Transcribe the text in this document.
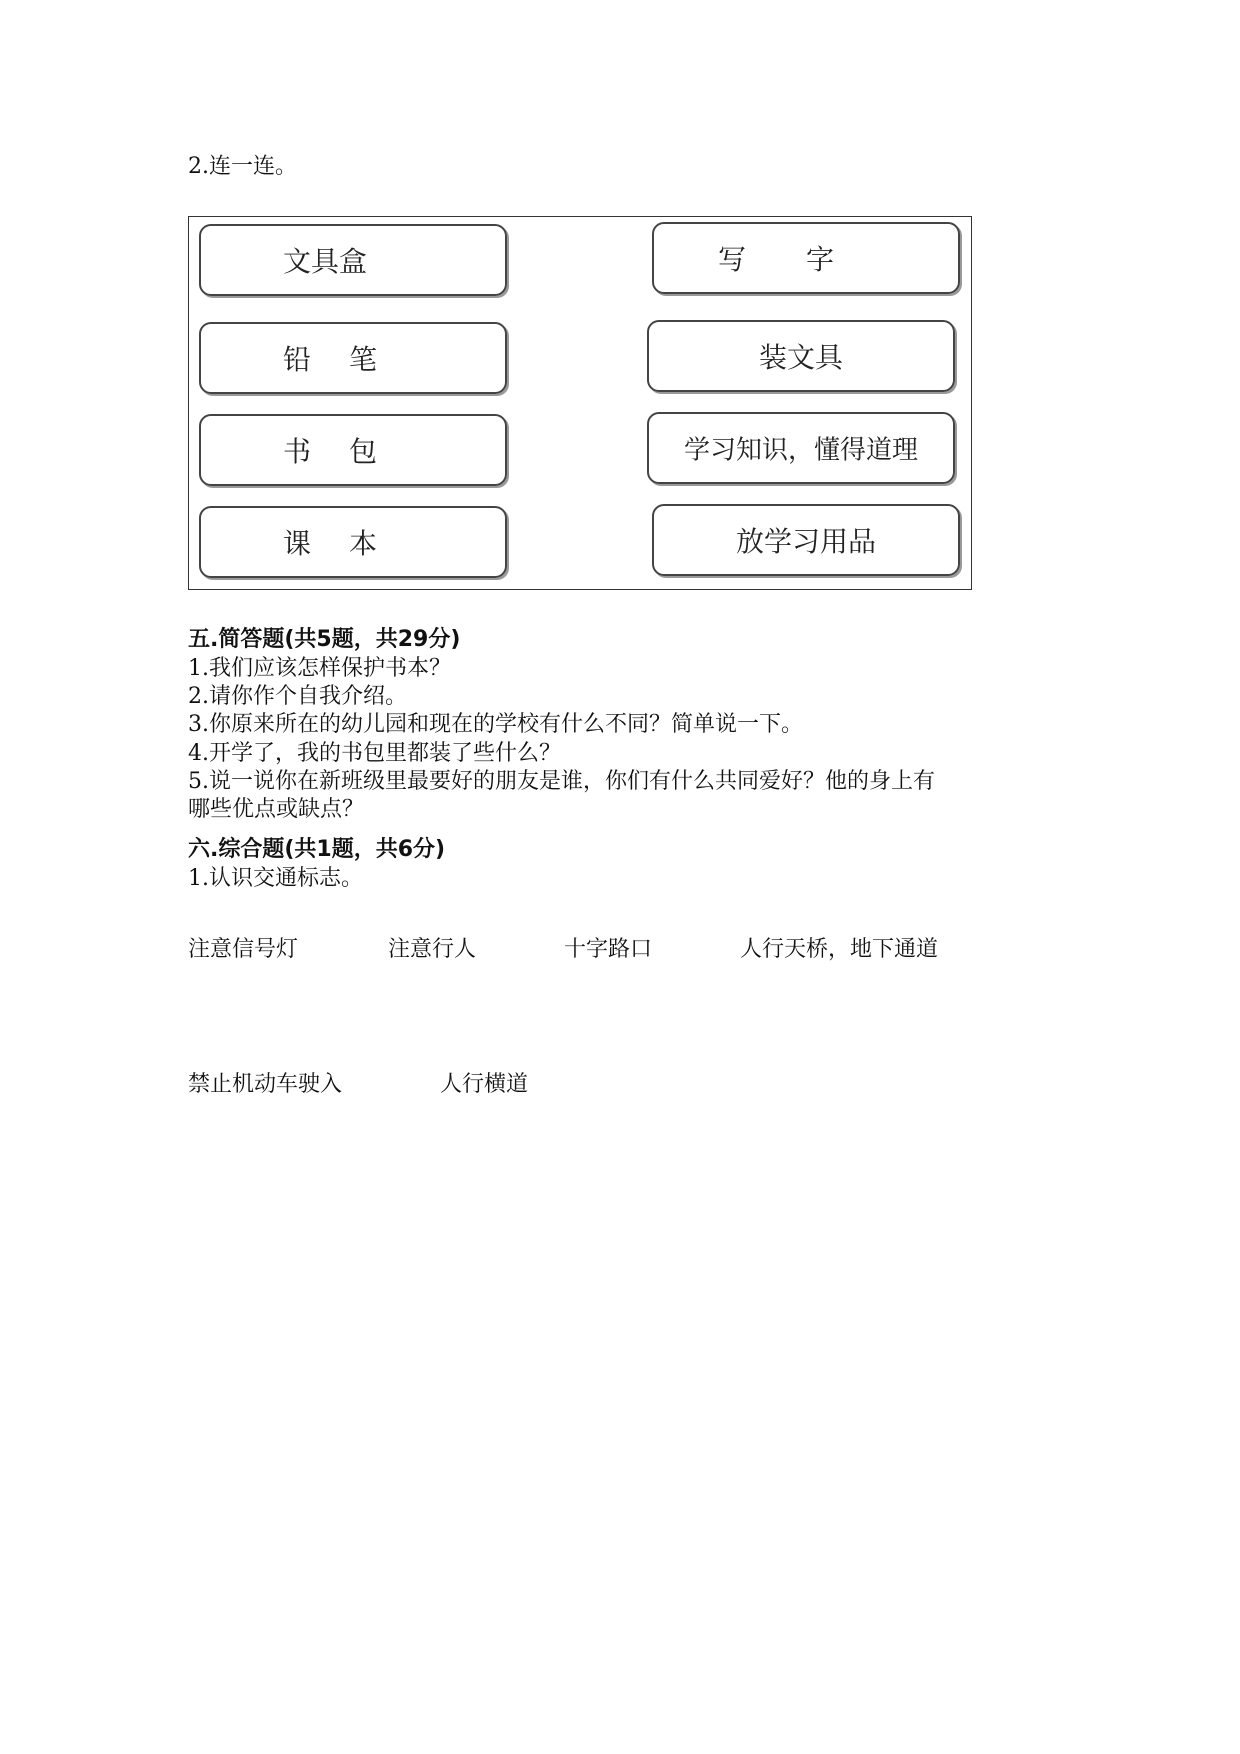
2.连一连。
文具盒
铅笔
书包
课本
写字
装文具
学习知识，懂得道理
放学习用品
五.简答题(共5题，共29分)
1.我们应该怎样保护书本？
2.请你作个自我介绍。
3.你原来所在的幼儿园和现在的学校有什么不同？简单说一下。
4.开学了，我的书包里都装了些什么？
5.说一说你在新班级里最要好的朋友是谁，你们有什么共同爱好？他的身上有
哪些优点或缺点？
六.综合题(共1题，共6分)
1.认识交通标志。
注意信号灯	注意行人	十字路口	人行天桥，地下通道
禁止机动车驶入	人行横道
